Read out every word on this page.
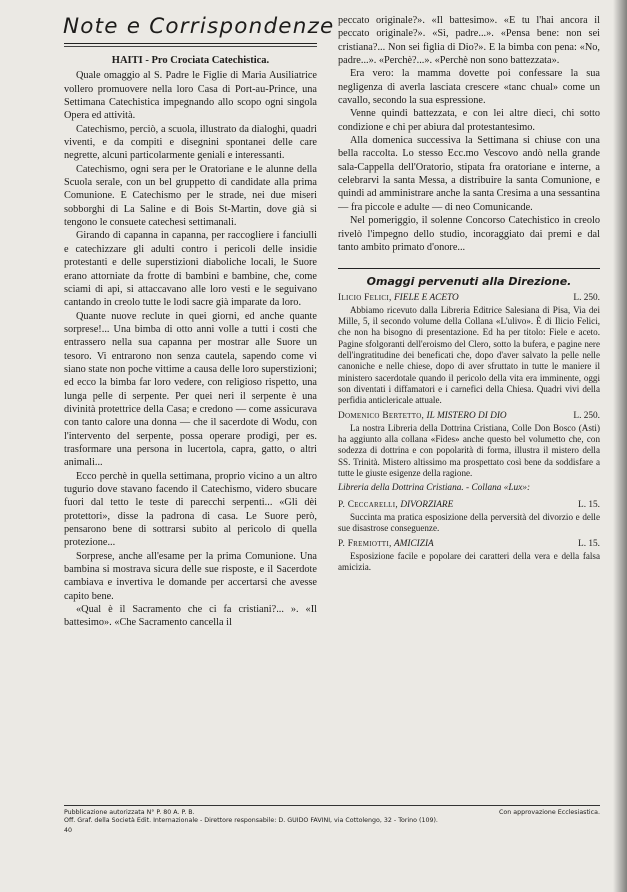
Note e Corrispondenze
HAITI - Pro Crociata Catechistica.

Quale omaggio al S. Padre le Figlie di Maria Ausiliatrice vollero promuovere nella loro Casa di Port-au-Prince, una Settimana Catechistica impegnando allo scopo ogni singola Opera ed attività.

Catechismo, perciò, a scuola, illustrato da dialoghi, quadri viventi, e da compiti e disegnini spontanei delle care negrette, alcuni particolarmente geniali e interessanti.

Catechismo, ogni sera per le Oratoriane e le alunne della Scuola serale, con un bel gruppetto di candidate alla prima Comunione. E Catechismo per le strade, nei due miseri sobborghi di La Saline e di Bois St-Martin, dove già si tengono le consuete catechesi settimanali.

Girando di capanna in capanna, per raccogliere i fanciulli e catechizzare gli adulti contro i pericoli delle insidie protestanti e delle superstizioni diaboliche locali, le Suore erano attorniate da frotte di bambini e bambine, che, come sciami di api, si attaccavano alle loro vesti e le seguivano cantando in creolo tutte le lodi sacre già imparate da loro.

Quante nuove reclute in quei giorni, ed anche quante sorprese!... Una bimba di otto anni volle a tutti i costi che entrassero nella sua capanna per mostrar alle Suore un tesoro. Vi entrarono non senza cautela, sapendo come vi siano state non poche vittime a causa delle loro superstizioni; ed ecco la bimba far loro vedere, con religioso rispetto, una lunga pelle di serpente. Per quei neri il serpente è una divinità protettrice della Casa; e credono — come assicurava con tanto calore una donna — che il sacerdote di Wodu, con l'intervento del serpente, possa operare prodigi, per es. trasformare una persona in lucertola, capra, gatto, o altri animali...

Ecco perchè in quella settimana, proprio vicino a un altro tugurio dove stavano facendo il Catechismo, videro sbucare fuori dal tetto le teste di parecchi serpenti... «Gli dèi protettori», disse la padrona di casa. Le Suore però, pensarono bene di sottrarsi subito al pericolo di quella protezione...

Sorprese, anche all'esame per la prima Comunione. Una bambina si mostrava sicura delle sue risposte, e il Sacerdote cambiava e invertiva le domande per accertarsi che avesse capito bene.

«Qual è il Sacramento che ci fa cristiani?... ». «Il battesimo». «Che Sacramento cancella il

peccato originale?». «Il battesimo». «E tu l'hai ancora il peccato originale?». «Sì, padre...». «Pensa bene: non sei cristiana?... Non sei figlia di Dio?». E la bimba con pena: «No, padre...». «Perchè?...». «Perchè non sono battezzata».

Era vero: la mamma dovette poi confessare la sua negligenza di averla lasciata crescere «tanc chual» come un cavallo, secondo la sua espressione.

Venne quindi battezzata, e con lei altre dieci, chi sotto condizione e chi per abiura dal protestantesimo.

Alla domenica successiva la Settimana si chiuse con una bella raccolta. Lo stesso Ecc.mo Vescovo andò nella grande sala-Cappella dell'Oratorio, stipata fra oratoriane e interne, a celebrarvi la santa Messa, a distribuire la santa Comunione, e quindi ad amministrare anche la santa Cresima a una sessantina — fra piccole e adulte — di neo Comunicande.

Nel pomeriggio, il solenne Concorso Catechistico in creolo rivelò l'impegno dello studio, incoraggiato dai premi e dal tanto ambito primato d'onore...

Omaggi pervenuti alla Direzione.
Ilicio Felici, FIELE E ACETO	L. 250.

Abbiamo ricevuto dalla Libreria Editrice Salesiana di Pisa, Via dei Mille, 5, il secondo volume della Collana «L'ulivo». È di Ilicio Felici, che non ha bisogno di presentazione. Ed ha per titolo: Fiele e aceto. Pagine sfolgoranti dell'eroismo del Clero, sotto la bufera, e pagine nere dell'ingratitudine dei beneficati che, dopo d'aver salvato la pelle nelle canoniche e nelle chiese, dopo di aver sfruttato in tutte le maniere il ministero sacerdotale quando il pericolo della vita era imminente, oggi son diventati i diffamatori e i carnefici della Chiesa. Quadri vivi della perfidia anticlericale attuale.

Domenico Bertetto, IL MISTERO DI DIO	L. 250.

La nostra Libreria della Dottrina Cristiana, Colle Don Bosco (Asti) ha aggiunto alla collana «Fides» anche questo bel volumetto che, con sodezza di dottrina e con popolarità di forma, illustra il mistero della SS. Trinità. Mistero altissimo ma prospettato così bene da soddisfare a tutte le giuste esigenze della ragione.

Libreria della Dottrina Cristiana. - Collana «Lux»:
P. Ceccarelli, DIVORZIARE	L. 15.

Succinta ma pratica esposizione della perversità del divorzio e delle sue disastrose conseguenze.

P. Fremiotti, AMICIZIA	L. 15.

Esposizione facile e popolare dei caratteri della vera e della falsa amicizia.

Pubblicazione autorizzata N° P. 80 A. P. B.	Con approvazione Ecclesiastica.
Off. Graf. della Società Edit. Internazionale - Direttore responsabile: D. GUIDO FAVINI, via Cottolengo, 32 - Torino (109).
40
